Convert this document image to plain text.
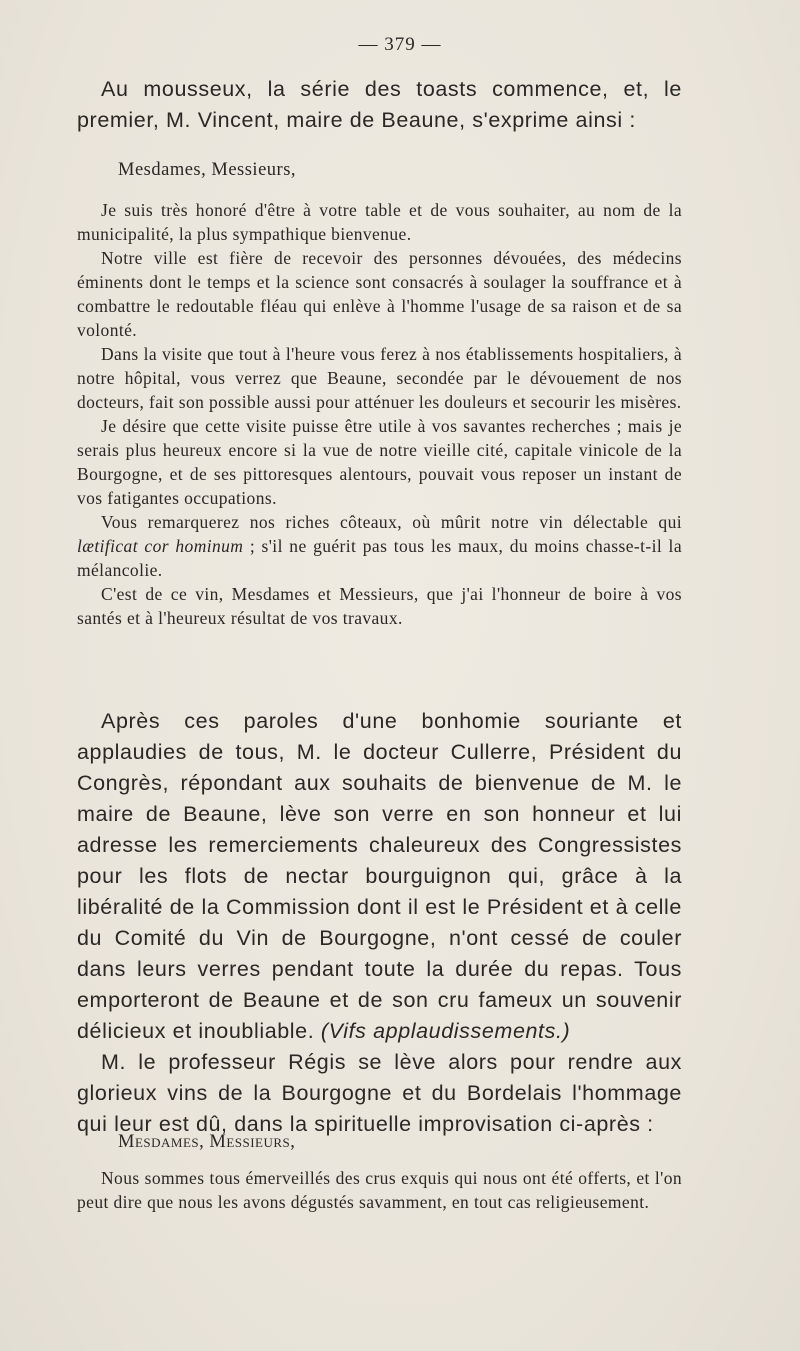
— 379 —

Au mousseux, la série des toasts commence, et, le premier, M. Vincent, maire de Beaune, s'exprime ainsi :

Mesdames, Messieurs,

Je suis très honoré d'être à votre table et de vous souhaiter, au nom de la municipalité, la plus sympathique bienvenue.

Notre ville est fière de recevoir des personnes dévouées, des médecins éminents dont le temps et la science sont consacrés à soulager la souffrance et à combattre le redoutable fléau qui enlève à l'homme l'usage de sa raison et de sa volonté.

Dans la visite que tout à l'heure vous ferez à nos établissements hospitaliers, à notre hôpital, vous verrez que Beaune, secondée par le dévouement de nos docteurs, fait son possible aussi pour atténuer les douleurs et secourir les misères.

Je désire que cette visite puisse être utile à vos savantes recherches ; mais je serais plus heureux encore si la vue de notre vieille cité, capitale vinicole de la Bourgogne, et de ses pittoresques alentours, pouvait vous reposer un instant de vos fatigantes occupations.

Vous remarquerez nos riches côteaux, où mûrit notre vin délectable qui lætificat cor hominum ; s'il ne guérit pas tous les maux, du moins chasse-t-il la mélancolie.

C'est de ce vin, Mesdames et Messieurs, que j'ai l'honneur de boire à vos santés et à l'heureux résultat de vos travaux.

Après ces paroles d'une bonhomie souriante et applaudies de tous, M. le docteur Cullerre, Président du Congrès, répondant aux souhaits de bienvenue de M. le maire de Beaune, lève son verre en son honneur et lui adresse les remerciements chaleureux des Congressistes pour les flots de nectar bourguignon qui, grâce à la libéralité de la Commission dont il est le Président et à celle du Comité du Vin de Bourgogne, n'ont cessé de couler dans leurs verres pendant toute la durée du repas. Tous emporteront de Beaune et de son cru fameux un souvenir délicieux et inoubliable. (Vifs applaudissements.)

M. le professeur Régis se lève alors pour rendre aux glorieux vins de la Bourgogne et du Bordelais l'hommage qui leur est dû, dans la spirituelle improvisation ci-après :

Mesdames, Messieurs,

Nous sommes tous émerveillés des crus exquis qui nous ont été offerts, et l'on peut dire que nous les avons dégustés savamment, en tout cas religieusement.
